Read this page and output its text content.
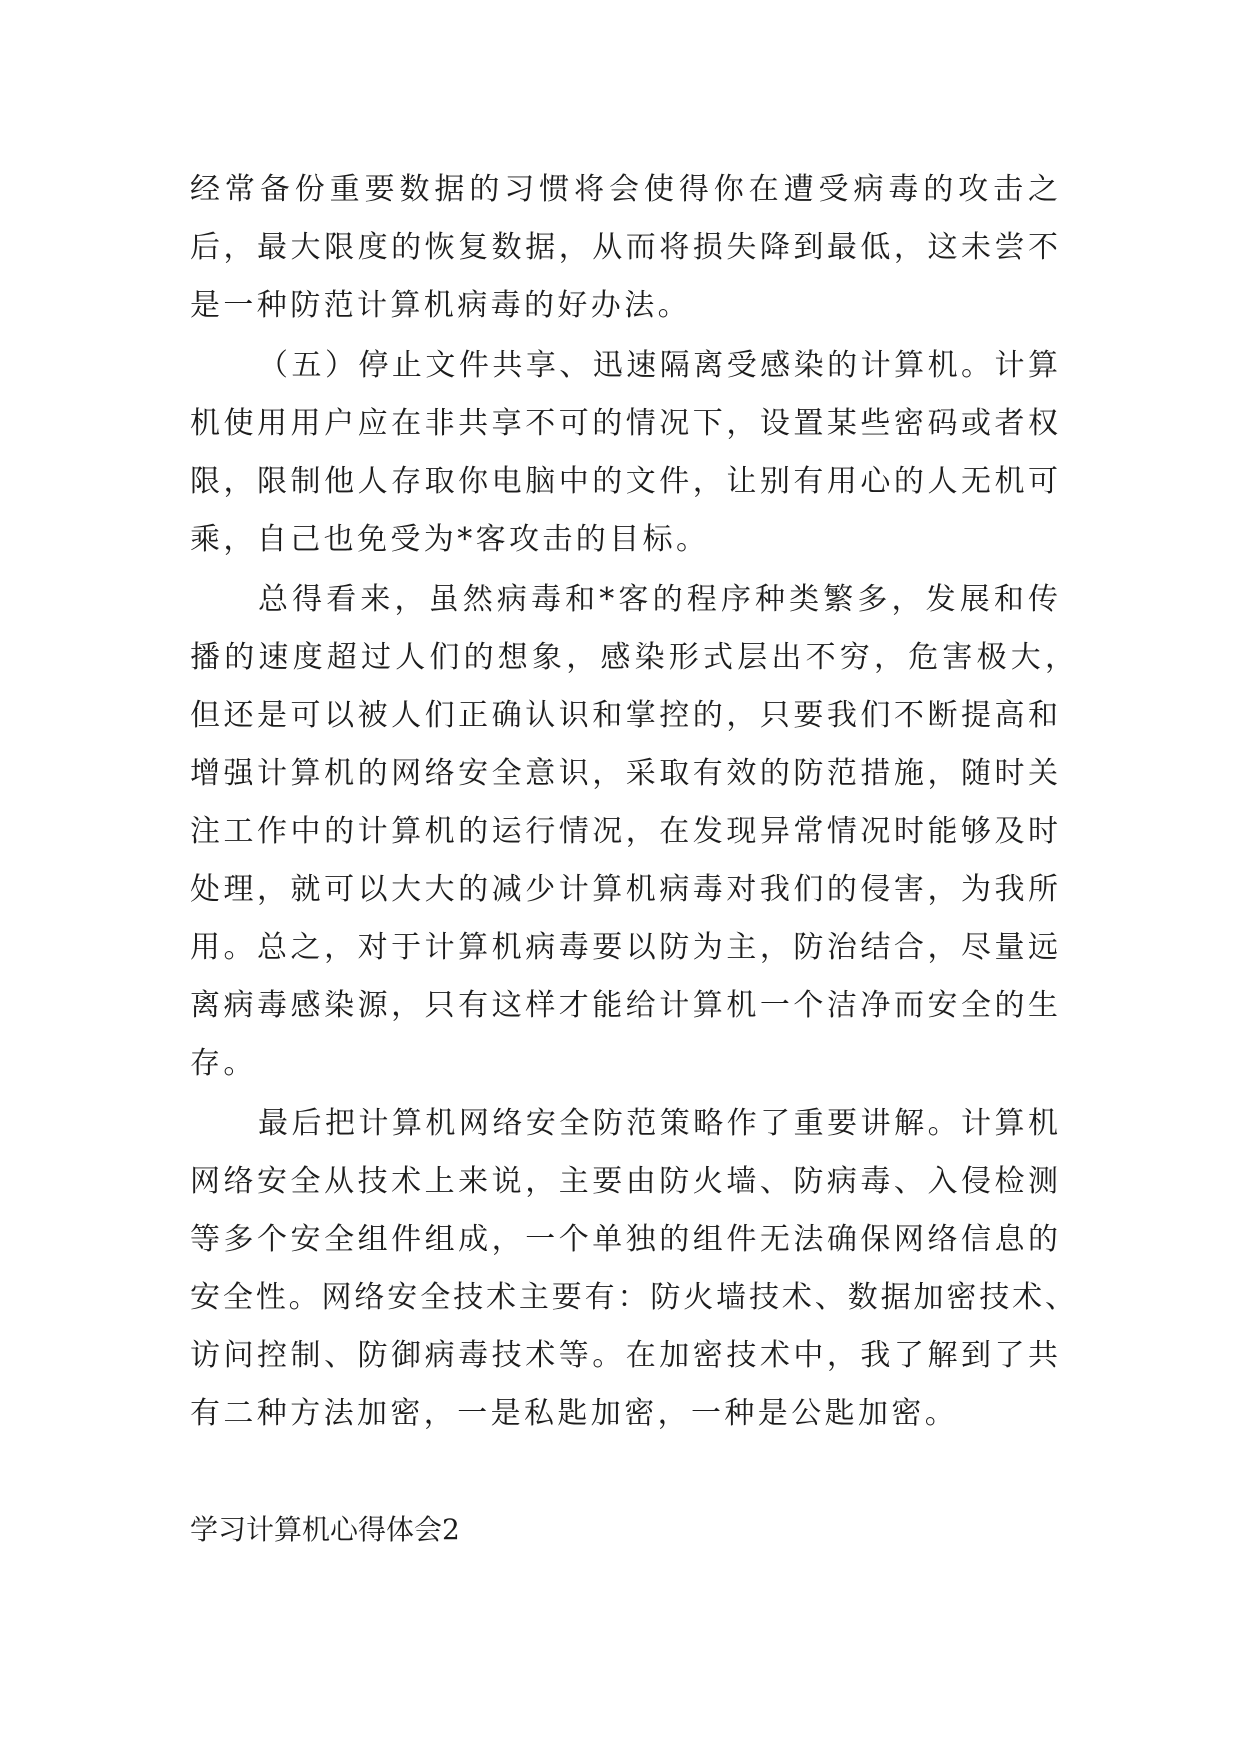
经常备份重要数据的习惯将会使得你在遭受病毒的攻击之
后，最大限度的恢复数据，从而将损失降到最低，这未尝不
是一种防范计算机病毒的好办法。
（五）停止文件共享、迅速隔离受感染的计算机。计算
机使用用户应在非共享不可的情况下，设置某些密码或者权
限，限制他人存取你电脑中的文件，让别有用心的人无机可
乘，自己也免受为*客攻击的目标。
总得看来，虽然病毒和*客的程序种类繁多，发展和传
播的速度超过人们的想象，感染形式层出不穷，危害极大，
但还是可以被人们正确认识和掌控的，只要我们不断提高和
增强计算机的网络安全意识，采取有效的防范措施，随时关
注工作中的计算机的运行情况，在发现异常情况时能够及时
处理，就可以大大的减少计算机病毒对我们的侵害，为我所
用。总之，对于计算机病毒要以防为主，防治结合，尽量远
离病毒感染源，只有这样才能给计算机一个洁净而安全的生
存。
最后把计算机网络安全防范策略作了重要讲解。计算机
网络安全从技术上来说，主要由防火墙、防病毒、入侵检测
等多个安全组件组成，一个单独的组件无法确保网络信息的
安全性。网络安全技术主要有：防火墙技术、数据加密技术、
访问控制、防御病毒技术等。在加密技术中，我了解到了共
有二种方法加密，一是私匙加密，一种是公匙加密。
学习计算机心得体会2
